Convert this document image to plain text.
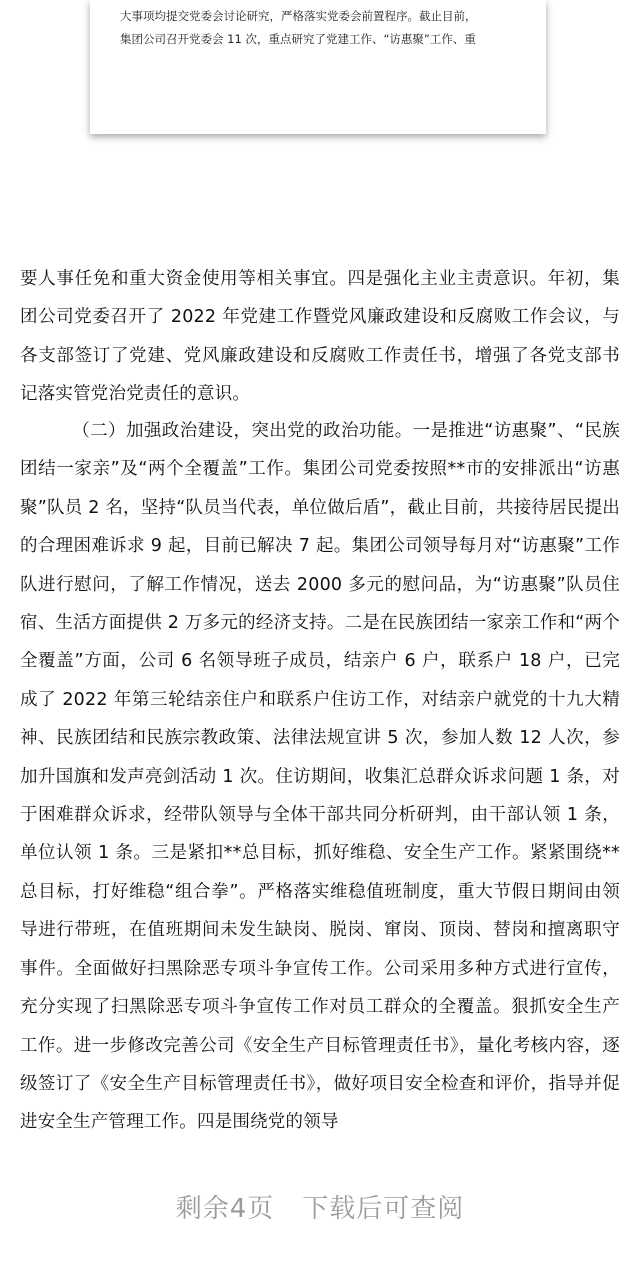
大事项均提交党委会讨论研究，严格落实党委会前置程序。截止目前，
集团公司召开党委会 11 次，重点研究了党建工作、“访惠聚”工作、重

要人事任免和重大资金使用等相关事宜。四是强化主业主责意识。年初，集团公司党委召开了 2022 年党建工作暨党风廉政建设和反腐败工作会议，与各支部签订了党建、党风廉政建设和反腐败工作责任书，增强了各党支部书记落实管党治党责任的意识。

（二）加强政治建设，突出党的政治功能。一是推进“访惠聚”、“民族团结一家亲”及“两个全覆盖”工作。集团公司党委按照**市的安排派出“访惠聚”队员 2 名，坚持“队员当代表，单位做后盾”，截止目前，共接待居民提出的合理困难诉求 9 起，目前已解决 7 起。集团公司领导每月对“访惠聚”工作队进行慰问，了解工作情况，送去 2000 多元的慰问品，为“访惠聚”队员住宿、生活方面提供 2 万多元的经济支持。二是在民族团结一家亲工作和“两个全覆盖”方面，公司 6 名领导班子成员，结亲户 6 户，联系户 18 户，已完成了 2022 年第三轮结亲住户和联系户住访工作，对结亲户就党的十九大精神、民族团结和民族宗教政策、法律法规宣讲 5 次，参加人数 12 人次，参加升国旗和发声亮剑活动 1 次。住访期间，收集汇总群众诉求问题 1 条，对于困难群众诉求，经带队领导与全体干部共同分析研判，由干部认领 1 条，单位认领 1 条。三是紧扣**总目标，抓好维稳、安全生产工作。紧紧围绕**总目标，打好维稳“组合拳”。严格落实维稳值班制度，重大节假日期间由领导进行带班，在值班期间未发生缺岗、脱岗、窜岗、顶岗、替岗和擅离职守事件。全面做好扫黑除恶专项斗争宣传工作。公司采用多种方式进行宣传，充分实现了扫黑除恶专项斗争宣传工作对员工群众的全覆盖。狠抓安全生产工作。进一步修改完善公司《安全生产目标管理责任书》，量化考核内容，逐级签订了《安全生产目标管理责任书》，做好项目安全检查和评价，指导并促进安全生产管理工作。四是围绕党的领导

剩余4页 下载后可查阅
